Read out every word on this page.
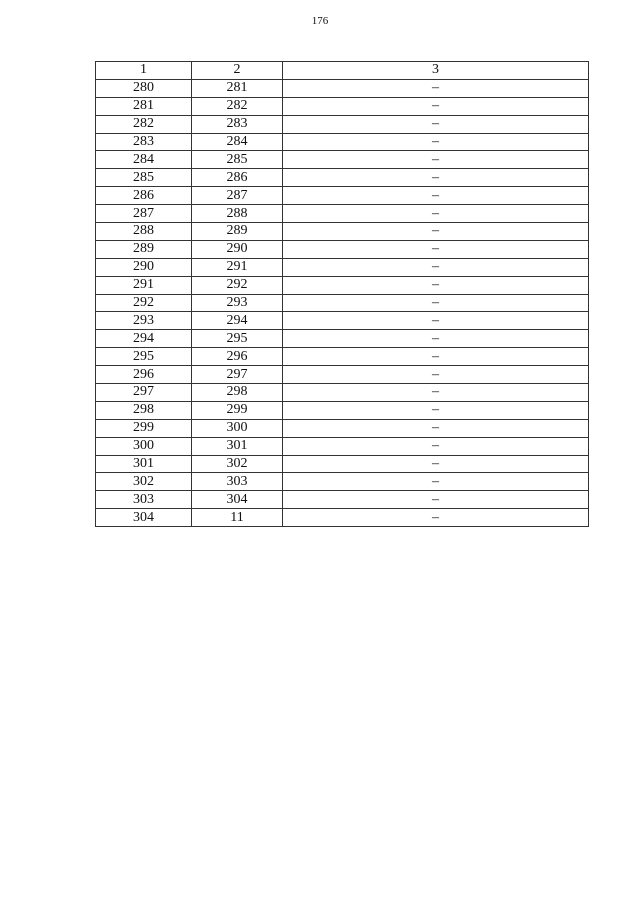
176
1	2	3
280	281	–
281	282	–
282	283	–
283	284	–
284	285	–
285	286	–
286	287	–
287	288	–
288	289	–
289	290	–
290	291	–
291	292	–
292	293	–
293	294	–
294	295	–
295	296	–
296	297	–
297	298	–
298	299	–
299	300	–
300	301	–
301	302	–
302	303	–
303	304	–
304	11	–
